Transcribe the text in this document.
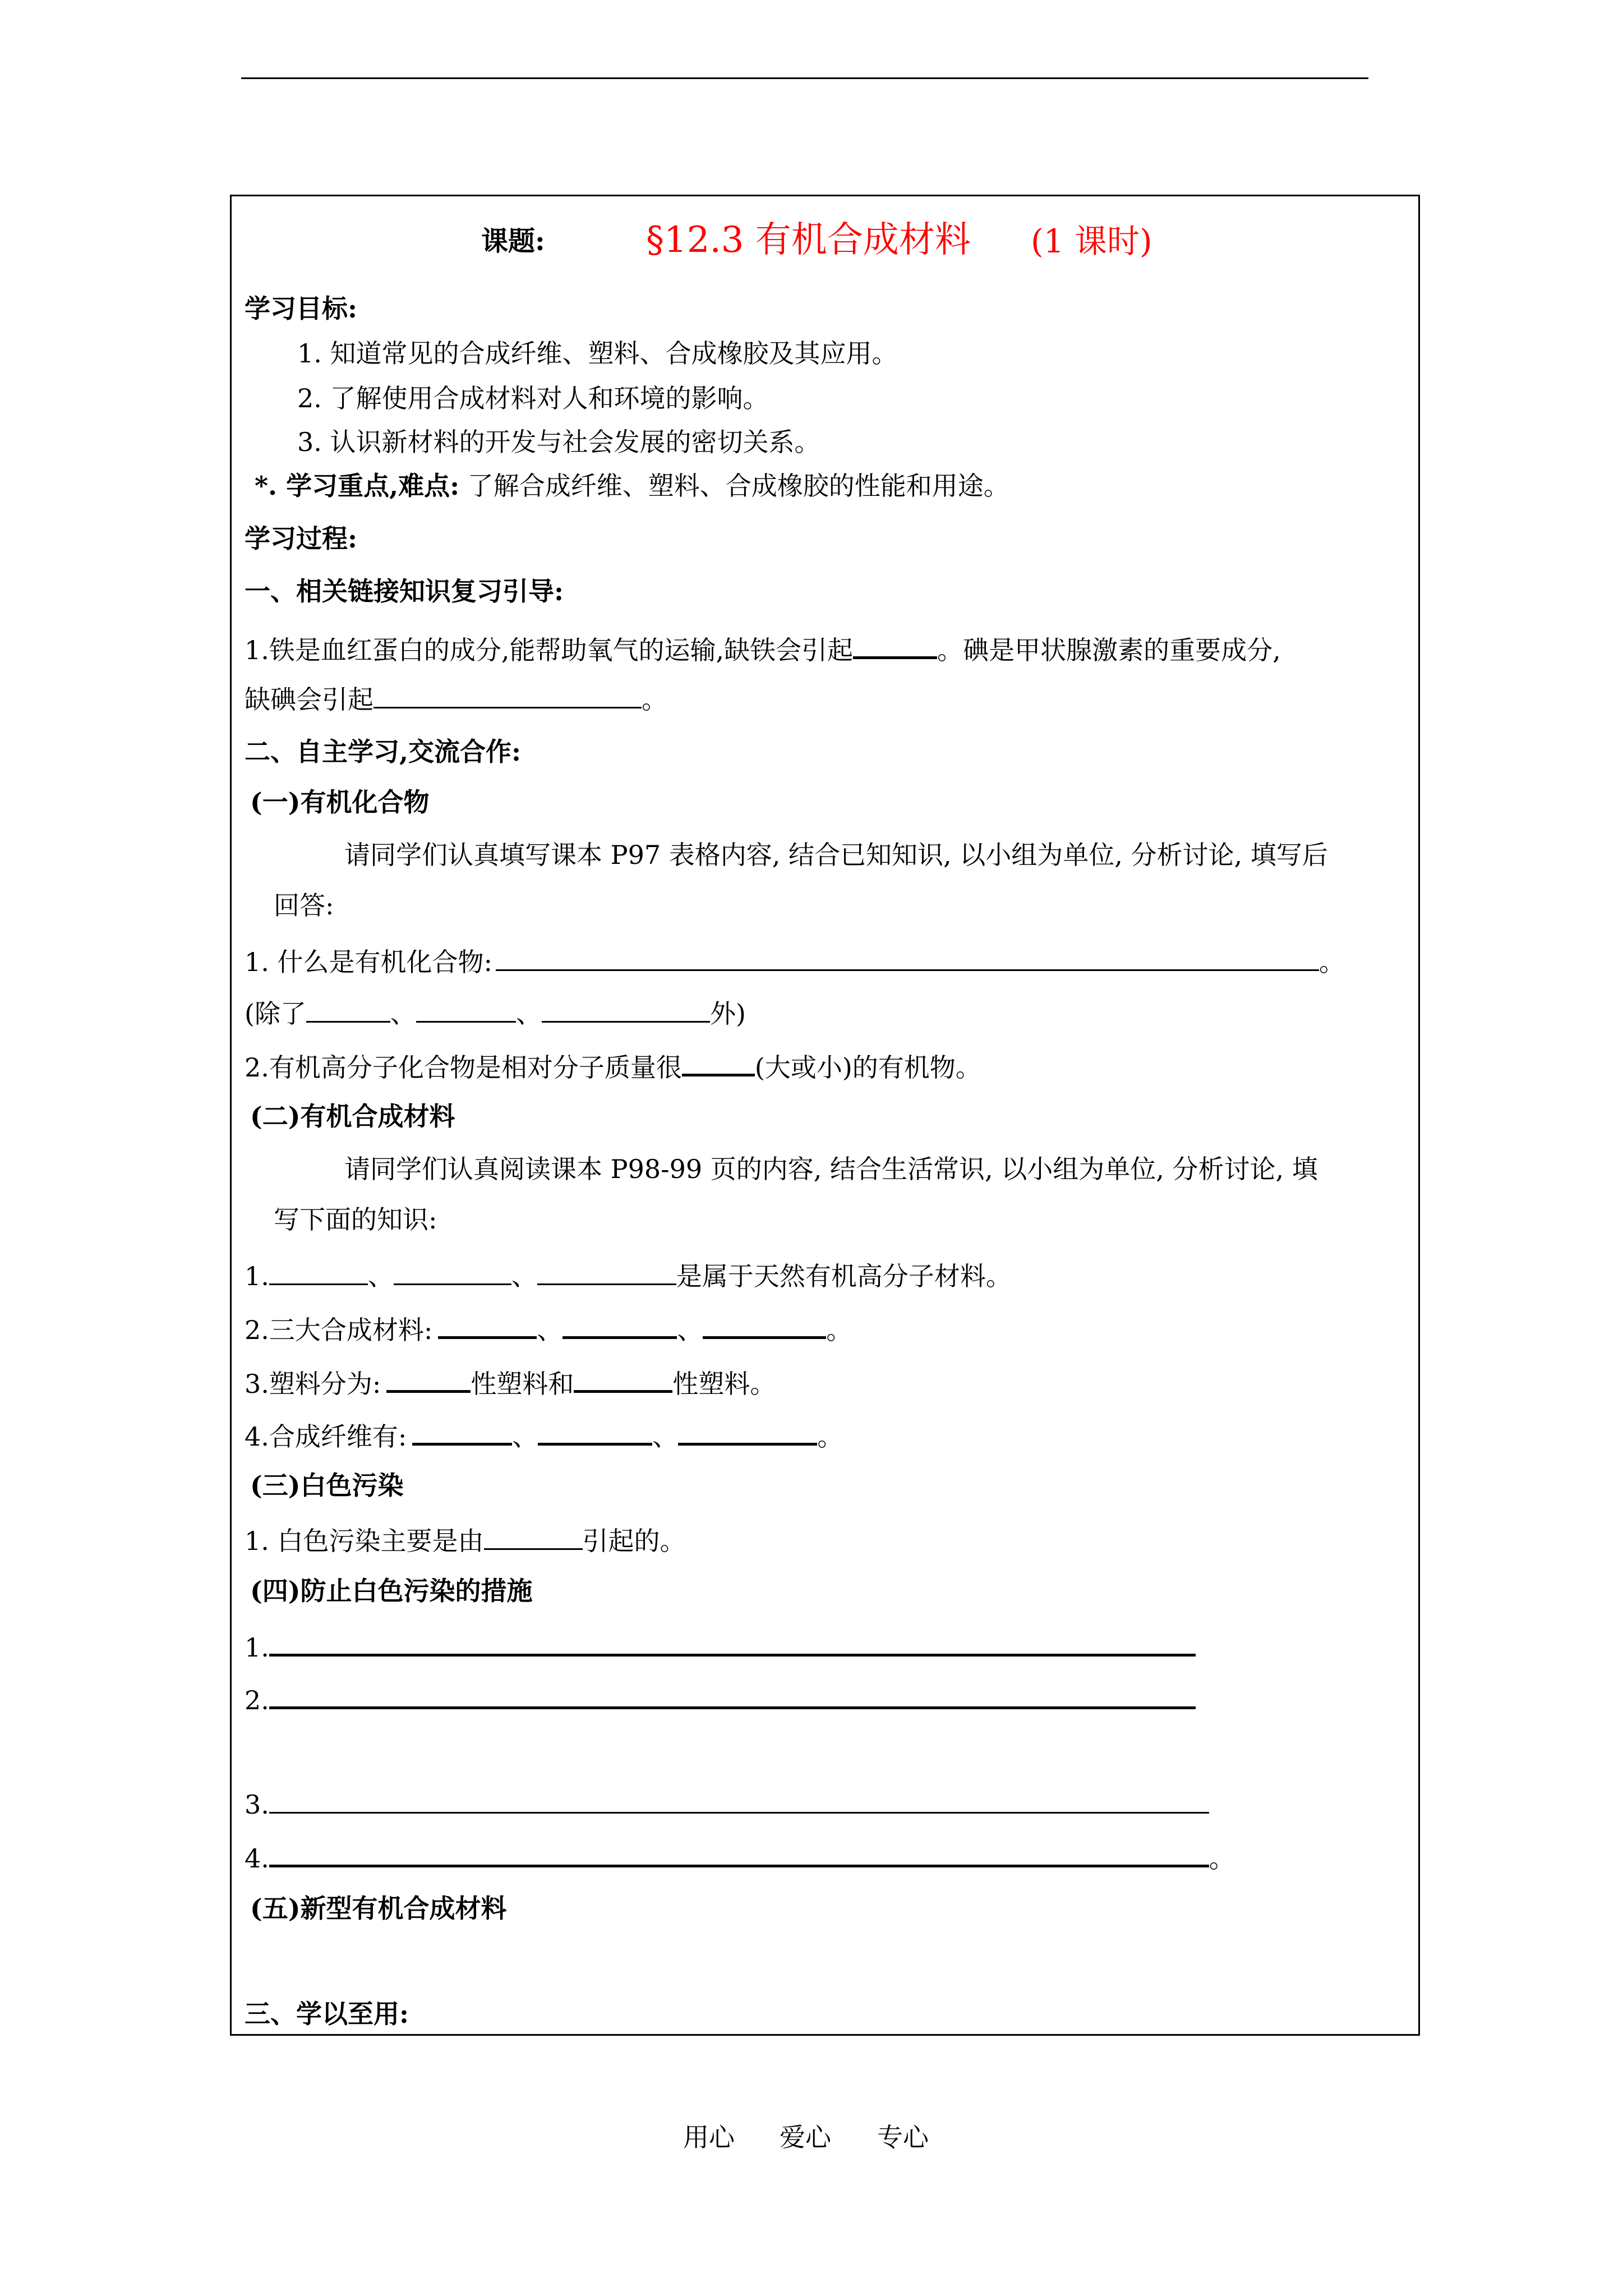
课题:	§12.3 有机合成材料 (1 课时)
学习目标:
1. 知道常见的合成纤维、塑料、合成橡胶及其应用。
2. 了解使用合成材料对人和环境的影响。
3. 认识新材料的开发与社会发展的密切关系。
*. 学习重点,难点: 了解合成纤维、塑料、合成橡胶的性能和用途。
学习过程:
一、相关链接知识复习引导:
1.铁是血红蛋白的成分,能帮助氧气的运输,缺铁会引起	。碘是甲状腺激素的重要成分,
缺碘会引起	。
二、自主学习,交流合作:
(一)有机化合物
请同学们认真填写课本 P97 表格内容, 结合已知知识, 以小组为单位, 分析讨论, 填写后
回答:
1. 什么是有机化合物:	。
(除了	、	、	外)
2.有机高分子化合物是相对分子质量很	(大或小)的有机物。
(二)有机合成材料
请同学们认真阅读课本 P98-99 页的内容, 结合生活常识, 以小组为单位, 分析讨论, 填
写下面的知识:
1.	、	、	是属于天然有机高分子材料。
2.三大合成材料:	、	、	。
3.塑料分为:	性塑料和	性塑料。
4.合成纤维有:	、	、	。
(三)白色污染
1. 白色污染主要是由	引起的。
(四)防止白色污染的措施
1.
2.
3.
4.	。
(五)新型有机合成材料
三、学以至用:
用心 爱心 专心
